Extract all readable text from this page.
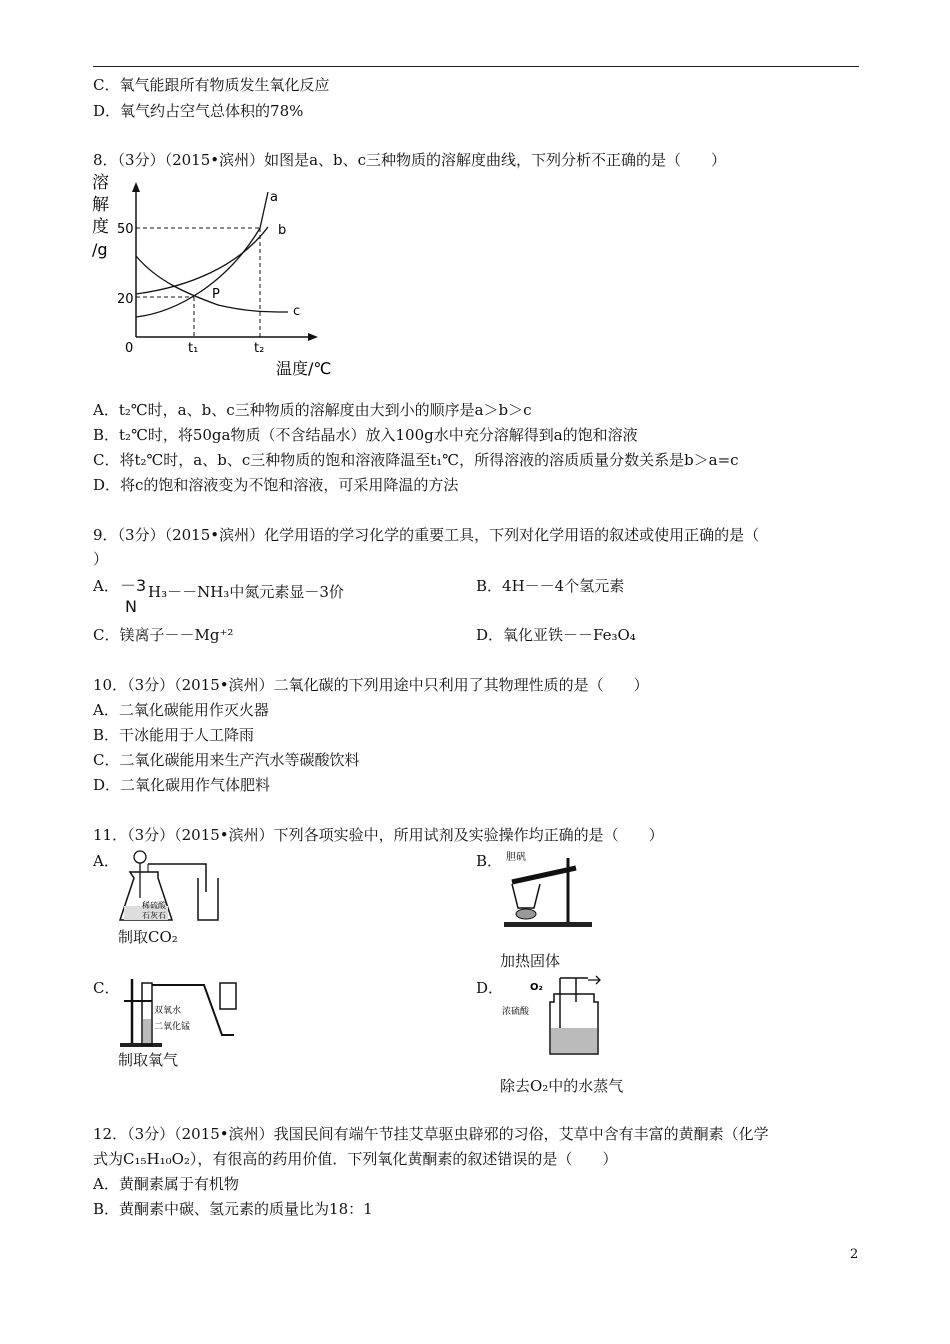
C．氧气能跟所有物质发生氧化反应
D．氧气约占空气总体积的78%
8．（3分）（2015•滨州）如图是a、b、c三种物质的溶解度曲线，下列分析不正确的是（　　）
溶
解
度
/g
a
b
c
P
50
20
0	t₁	t₂
温度/℃
A．t₂℃时，a、b、c三种物质的溶解度由大到小的顺序是a＞b＞c
B．t₂℃时，将50ga物质（不含结晶水）放入100g水中充分溶解得到a的饱和溶液
C．将t₂℃时，a、b、c三种物质的饱和溶液降温至t₁℃，所得溶液的溶质质量分数关系是b＞a=c
D．将c的饱和溶液变为不饱和溶液，可采用降温的方法
9．（3分）（2015•滨州）化学用语的学习化学的重要工具，下列对化学用语的叙述或使用正确的是（
）
A． －3
N
H₃－－NH₃中氮元素显－3价	B．4H－－4个氢元素
C．镁离子－－Mg⁺²	D．氧化亚铁－－Fe₃O₄
10．（3分）（2015•滨州）二氧化碳的下列用途中只利用了其物理性质的是（　　）
A．二氧化碳能用作灭火器
B．干冰能用于人工降雨
C．二氧化碳能用来生产汽水等碳酸饮料
D．二氧化碳用作气体肥料
11．（3分）（2015•滨州）下列各项实验中，所用试剂及实验操作均正确的是（　　）
A．
稀硫酸
石灰石
制取CO₂
B． 胆矾
加热固体
C．
双氧水
二氧化锰
制取氧气
D．	O₂
浓硫酸
除去O₂中的水蒸气
12．（3分）（2015•滨州）我国民间有端午节挂艾草驱虫辟邪的习俗，艾草中含有丰富的黄酮素（化学
式为C₁₅H₁₀O₂），有很高的药用价值．下列氧化黄酮素的叙述错误的是（　　）
A．黄酮素属于有机物
B．黄酮素中碳、氢元素的质量比为18：1
2
